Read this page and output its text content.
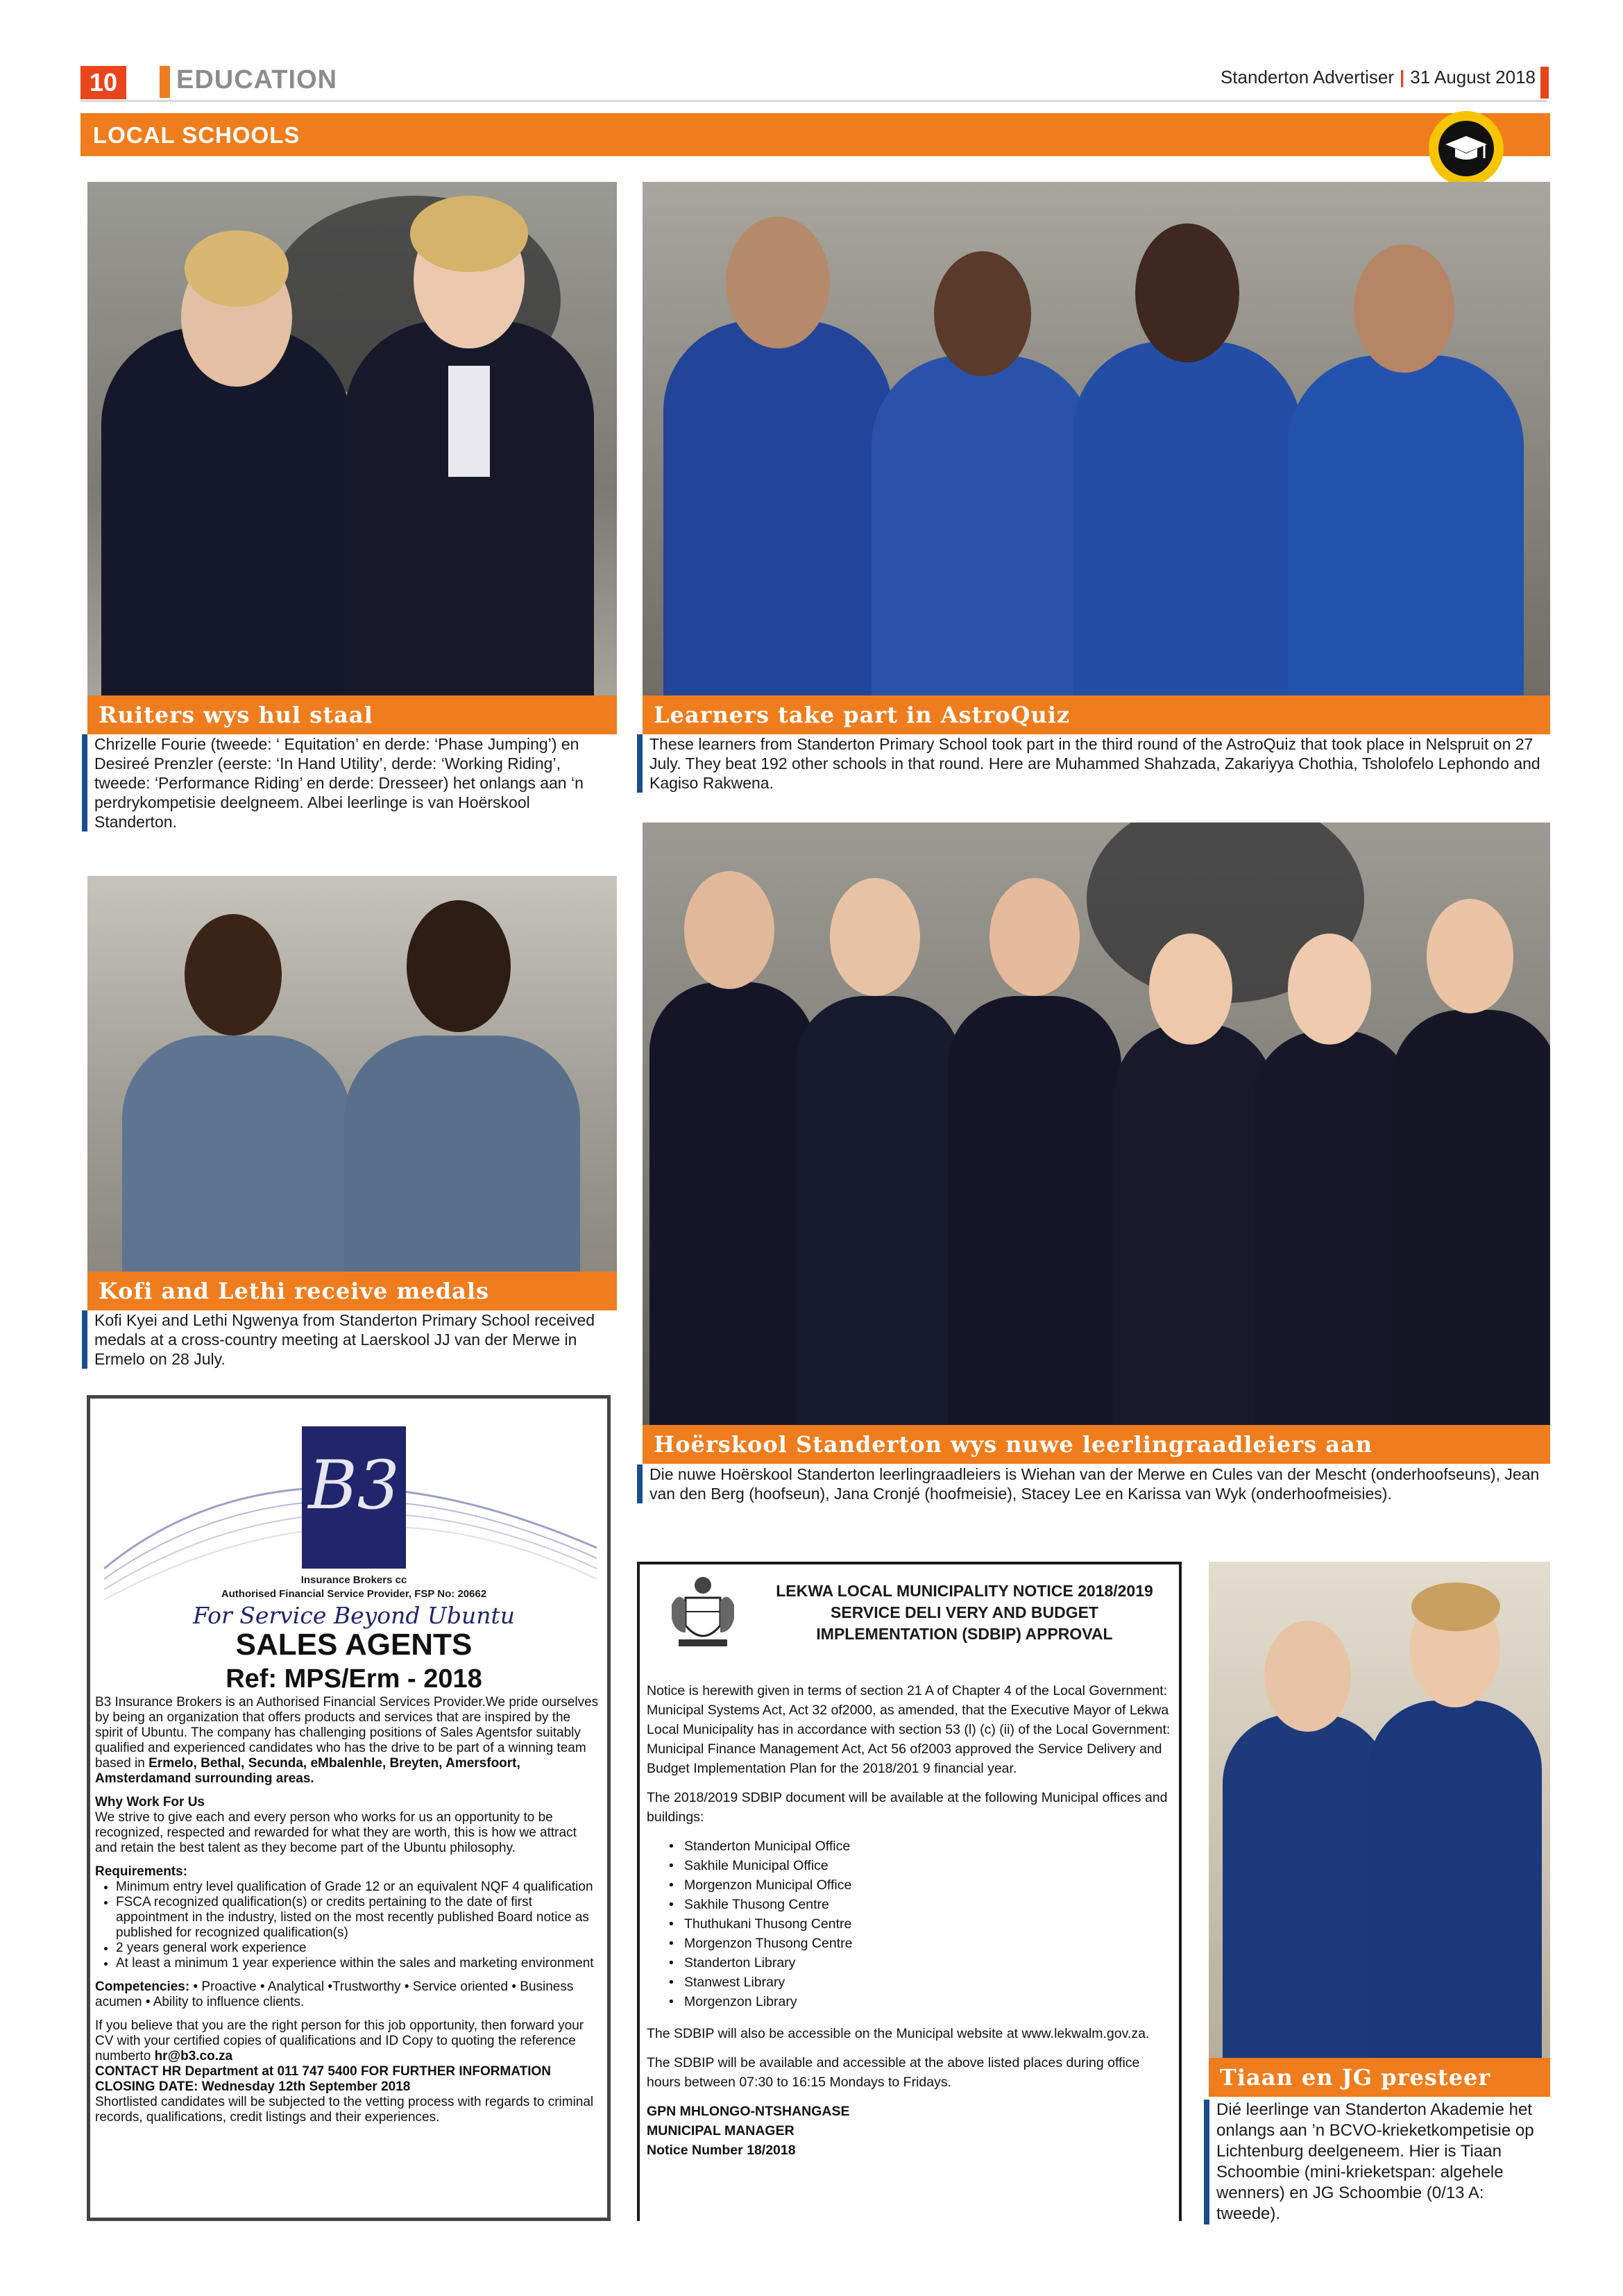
10	EDUCATION	Standerton Advertiser | 31 August 2018
LOCAL SCHOOLS
Ruiters wys hul staal
Chrizelle Fourie (tweede: ‘ Equitation’ en derde: ‘Phase Jumping’) en Desireé Prenzler (eerste: ‘In Hand Utility’, derde: ‘Working Riding’, tweede: ‘Performance Riding’ en derde: Dresseer) het onlangs aan ‘n perdrykompetisie deelgneem. Albei leerlinge is van Hoërskool Standerton.
Learners take part in AstroQuiz
These learners from Standerton Primary School took part in the third round of the AstroQuiz that took place in Nelspruit on 27 July. They beat 192 other schools in that round. Here are Muhammed Shahzada, Zakariyya Chothia, Tsholofelo Lephondo and Kagiso Rakwena.
Kofi and Lethi receive medals
Kofi Kyei and Lethi Ngwenya from Standerton Primary School received medals at a cross-country meeting at Laerskool JJ van der Merwe in Ermelo on 28 July.
Hoërskool Standerton wys nuwe leerlingraadleiers aan
Die nuwe Hoërskool Standerton leerlingraadleiers is Wiehan van der Merwe en Cules van der Mescht (onderhoofseuns), Jean van den Berg (hoofseun), Jana Cronjé (hoofmeisie), Stacey Lee en Karissa van Wyk (onderhoofmeisies).
Tiaan en JG presteer
Dié leerlinge van Standerton Akademie het onlangs aan ’n BCVO-krieketkompetisie op Lichtenburg deelgeneem. Hier is Tiaan Schoombie (mini-krieketspan: algehele wenners) en JG Schoombie (0/13 A: tweede).
B3
Insurance Brokers cc
Authorised Financial Service Provider, FSP No: 20662
For Service Beyond Ubuntu
SALES AGENTS
Ref: MPS/Erm - 2018
B3 Insurance Brokers is an Authorised Financial Services Provider.We pride ourselves by being an organization that offers products and services that are inspired by the spirit of Ubuntu. The company has challenging positions of Sales Agentsfor suitably qualified and experienced candidates who has the drive to be part of a winning team based in Ermelo, Bethal, Secunda, eMbalenhle, Breyten, Amersfoort, Amsterdamand surrounding areas.
Why Work For Us
We strive to give each and every person who works for us an opportunity to be recognized, respected and rewarded for what they are worth, this is how we attract and retain the best talent as they become part of the Ubuntu philosophy.
Requirements:
• Minimum entry level qualification of Grade 12 or an equivalent NQF 4 qualification
• FSCA recognized qualification(s) or credits pertaining to the date of first appointment in the industry, listed on the most recently published Board notice as published for recognized qualification(s)
• 2 years general work experience
• At least a minimum 1 year experience within the sales and marketing environment
Competencies: • Proactive • Analytical •Trustworthy • Service oriented • Business acumen • Ability to influence clients.
If you believe that you are the right person for this job opportunity, then forward your CV with your certified copies of qualifications and ID Copy to quoting the reference numberto hr@b3.co.za
CONTACT HR Department at 011 747 5400 FOR FURTHER INFORMATION
CLOSING DATE: Wednesday 12th September 2018
Shortlisted candidates will be subjected to the vetting process with regards to criminal records, qualifications, credit listings and their experiences.
LEKWA LOCAL MUNICIPALITY NOTICE 2018/2019 SERVICE DELI VERY AND BUDGET IMPLEMENTATION (SDBIP) APPROVAL
Notice is herewith given in terms of section 21 A of Chapter 4 of the Local Government: Municipal Systems Act, Act 32 of2000, as amended, that the Executive Mayor of Lekwa Local Municipality has in accordance with section 53 (l) (c) (ii) of the Local Government: Municipal Finance Management Act, Act 56 of2003 approved the Service Delivery and Budget Implementation Plan for the 2018/201 9 financial year.
The 2018/2019 SDBIP document will be available at the following Municipal offices and buildings:
• Standerton Municipal Office
• Sakhile Municipal Office
• Morgenzon Municipal Office
• Sakhile Thusong Centre
• Thuthukani Thusong Centre
• Morgenzon Thusong Centre
• Standerton Library
• Stanwest Library
• Morgenzon Library
The SDBIP will also be accessible on the Municipal website at www.lekwalm.gov.za.
The SDBIP will be available and accessible at the above listed places during office hours between 07:30 to 16:15 Mondays to Fridays.
GPN MHLONGO-NTSHANGASE
MUNICIPAL MANAGER
Notice Number 18/2018
